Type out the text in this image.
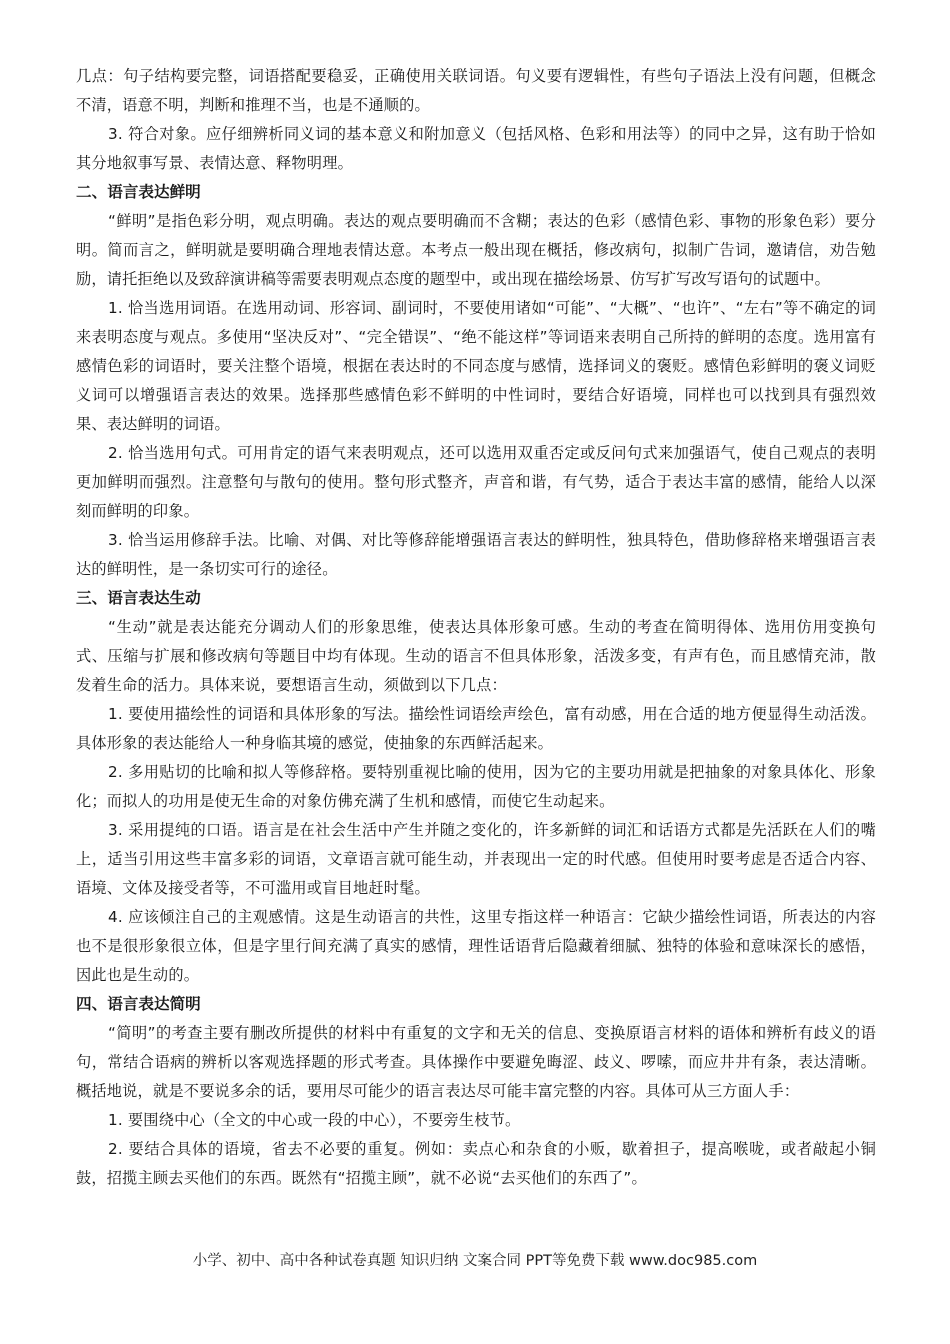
几点：句子结构要完整，词语搭配要稳妥，正确使用关联词语。句义要有逻辑性，有些句子语法上没有问题，但概念不清，语意不明，判断和推理不当，也是不通顺的。

3. 符合对象。应仔细辨析同义词的基本意义和附加意义（包括风格、色彩和用法等）的同中之异，这有助于恰如其分地叙事写景、表情达意、释物明理。

二、语言表达鲜明

“鲜明”是指色彩分明，观点明确。表达的观点要明确而不含糊；表达的色彩（感情色彩、事物的形象色彩）要分明。简而言之，鲜明就是要明确合理地表情达意。本考点一般出现在概括，修改病句，拟制广告词，邀请信，劝告勉励，请托拒绝以及致辞演讲稿等需要表明观点态度的题型中，或出现在描绘场景、仿写扩写改写语句的试题中。

1. 恰当选用词语。在选用动词、形容词、副词时，不要使用诸如“可能”、“大概”、“也许”、“左右”等不确定的词来表明态度与观点。多使用“坚决反对”、“完全错误”、“绝不能这样”等词语来表明自己所持的鲜明的态度。选用富有感情色彩的词语时，要关注整个语境，根据在表达时的不同态度与感情，选择词义的褒贬。感情色彩鲜明的褒义词贬义词可以增强语言表达的效果。选择那些感情色彩不鲜明的中性词时，要结合好语境，同样也可以找到具有强烈效果、表达鲜明的词语。

2. 恰当选用句式。可用肯定的语气来表明观点，还可以选用双重否定或反问句式来加强语气，使自己观点的表明更加鲜明而强烈。注意整句与散句的使用。整句形式整齐，声音和谐，有气势，适合于表达丰富的感情，能给人以深刻而鲜明的印象。

3. 恰当运用修辞手法。比喻、对偶、对比等修辞能增强语言表达的鲜明性，独具特色，借助修辞格来增强语言表达的鲜明性，是一条切实可行的途径。

三、语言表达生动

“生动”就是表达能充分调动人们的形象思维，使表达具体形象可感。生动的考查在简明得体、选用仿用变换句式、压缩与扩展和修改病句等题目中均有体现。生动的语言不但具体形象，活泼多变，有声有色，而且感情充沛，散发着生命的活力。具体来说，要想语言生动，须做到以下几点：

1. 要使用描绘性的词语和具体形象的写法。描绘性词语绘声绘色，富有动感，用在合适的地方便显得生动活泼。具体形象的表达能给人一种身临其境的感觉，使抽象的东西鲜活起来。

2. 多用贴切的比喻和拟人等修辞格。要特别重视比喻的使用，因为它的主要功用就是把抽象的对象具体化、形象化；而拟人的功用是使无生命的对象仿佛充满了生机和感情，而使它生动起来。

3. 采用提纯的口语。语言是在社会生活中产生并随之变化的，许多新鲜的词汇和话语方式都是先活跃在人们的嘴上，适当引用这些丰富多彩的词语，文章语言就可能生动，并表现出一定的时代感。但使用时要考虑是否适合内容、语境、文体及接受者等，不可滥用或盲目地赶时髦。

4. 应该倾注自己的主观感情。这是生动语言的共性，这里专指这样一种语言：它缺少描绘性词语，所表达的内容也不是很形象很立体，但是字里行间充满了真实的感情，理性话语背后隐藏着细腻、独特的体验和意味深长的感悟，因此也是生动的。

四、语言表达简明

“简明”的考查主要有删改所提供的材料中有重复的文字和无关的信息、变换原语言材料的语体和辨析有歧义的语句，常结合语病的辨析以客观选择题的形式考查。具体操作中要避免晦涩、歧义、啰嗦，而应井井有条，表达清晰。概括地说，就是不要说多余的话，要用尽可能少的语言表达尽可能丰富完整的内容。具体可从三方面人手：

1. 要围绕中心（全文的中心或一段的中心），不要旁生枝节。

2. 要结合具体的语境，省去不必要的重复。例如：卖点心和杂食的小贩，歇着担子，提高喉咙，或者敲起小铜鼓，招揽主顾去买他们的东西。既然有“招揽主顾”，就不必说“去买他们的东西了”。

小学、初中、高中各种试卷真题 知识归纳 文案合同 PPT等免费下载 www.doc985.com
